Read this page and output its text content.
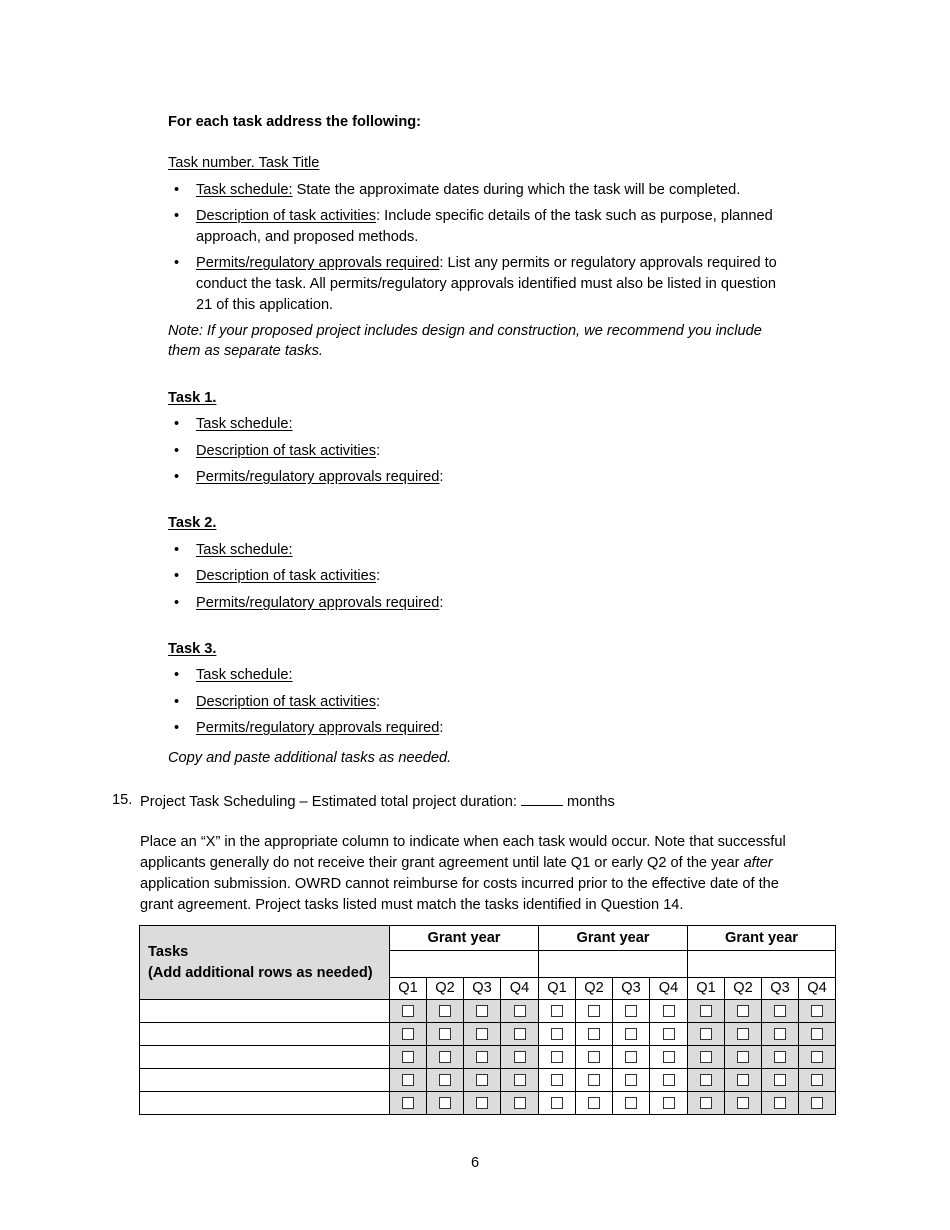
For each task address the following:
Task number. Task Title
• Task schedule: State the approximate dates during which the task will be completed.
• Description of task activities: Include specific details of the task such as purpose, planned
approach, and proposed methods.
• Permits/regulatory approvals required: List any permits or regulatory approvals required to
conduct the task. All permits/regulatory approvals identified must also be listed in question
21 of this application.
Note: If your proposed project includes design and construction, we recommend you include
them as separate tasks.
Task 1.
• Task schedule:
• Description of task activities:
• Permits/regulatory approvals required:
Task 2.
• Task schedule:
• Description of task activities:
• Permits/regulatory approvals required:
Task 3.
• Task schedule:
• Description of task activities:
• Permits/regulatory approvals required:
Copy and paste additional tasks as needed.
15. Project Task Scheduling – Estimated total project duration:	months
Place an “X” in the appropriate column to indicate when each task would occur. Note that successful
applicants generally do not receive their grant agreement until late Q1 or early Q2 of the year after
application submission. OWRD cannot reimburse for costs incurred prior to the effective date of the
grant agreement. Project tasks listed must match the tasks identified in Question 14.
Tasks
(Add additional rows as needed)	Grant year				Grant year				Grant year			

	Q1	Q2	Q3	Q4	Q1	Q2	Q3	Q4	Q1	Q2	Q3	Q4

6
